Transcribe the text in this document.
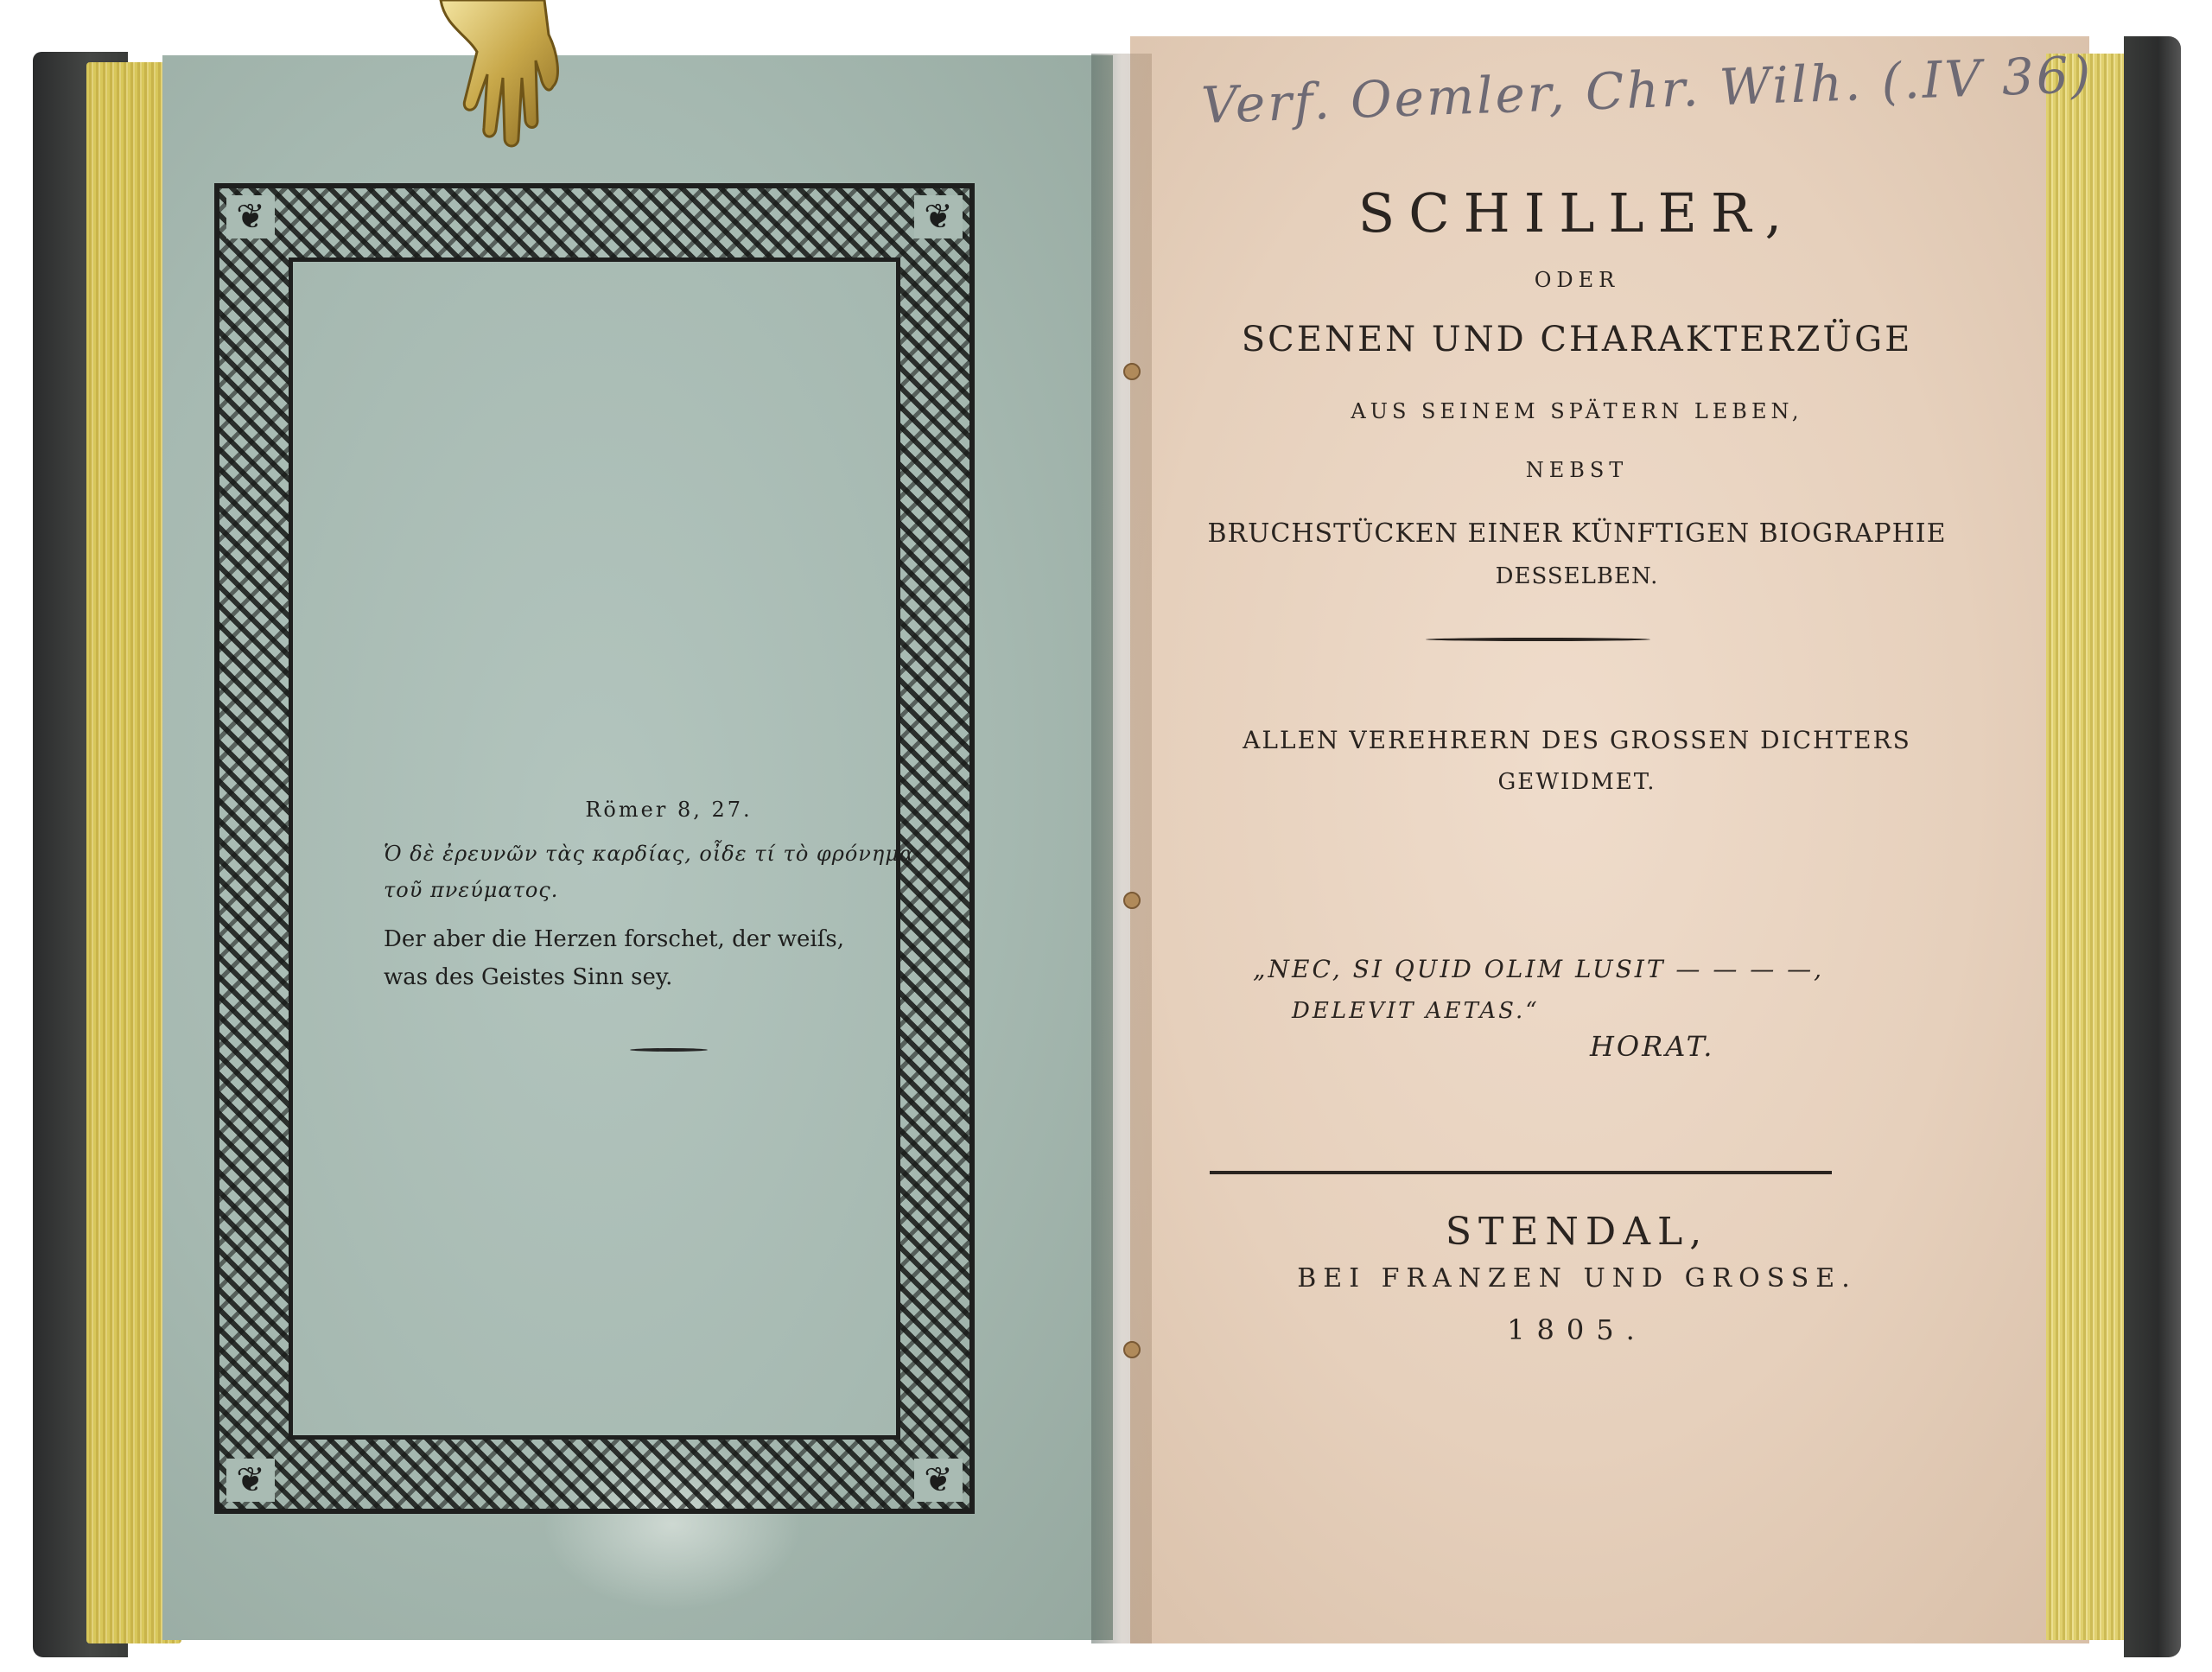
❦	❦
❦	❦
Römer 8, 27.
Ὁ δὲ ἐρευνῶν τὰς καρδίας, οἶδε τί τὸ φρόνημα
τοῦ πνεύματος.
Der aber die Herzen forschet, der weiſs,
was des Geistes Sinn sey.
Verf. Oemler, Chr. Wilh. (.IV 36)
SCHILLER,
ODER
SCENEN UND CHARAKTERZÜGE
AUS SEINEM SPÄTERN LEBEN,
NEBST
BRUCHSTÜCKEN EINER KÜNFTIGEN BIOGRAPHIE
DESSELBEN.
ALLEN VEREHRERN DES GROSSEN DICHTERS
GEWIDMET.
„NEC, SI QUID OLIM LUSIT — — — —,
DELEVIT AETAS.“
HORAT.
STENDAL,
BEI FRANZEN UND GROSSE.
1805.
